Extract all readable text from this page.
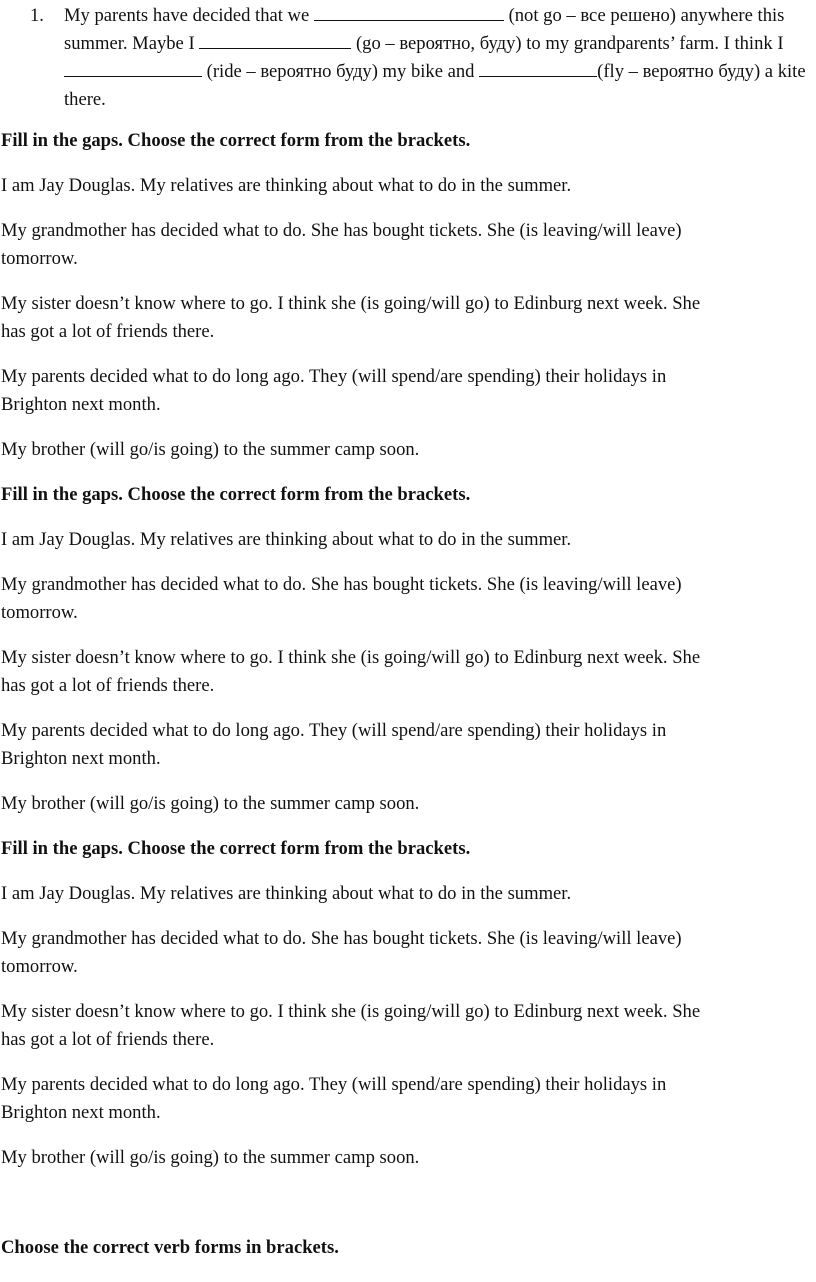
1. My parents have decided that we	(not go – все решено) anywhere this summer. Maybe I	(go – вероятно, буду) to my grandparents’ farm. I think I  (ride – вероятно буду) my bike and	(fly – вероятно буду) a kite there.
Fill in the gaps. Choose the correct form from the brackets.
I am Jay Douglas. My relatives are thinking about what to do in the summer.
My grandmother has decided what to do. She has bought tickets. She (is leaving/will leave)
tomorrow.
My sister doesn’t know where to go. I think she (is going/will go) to Edinburg next week. She
has got a lot of friends there.
My parents decided what to do long ago. They (will spend/are spending) their holidays in
Brighton next month.
My brother (will go/is going) to the summer camp soon.
Fill in the gaps. Choose the correct form from the brackets.
I am Jay Douglas. My relatives are thinking about what to do in the summer.
My grandmother has decided what to do. She has bought tickets. She (is leaving/will leave)
tomorrow.
My sister doesn’t know where to go. I think she (is going/will go) to Edinburg next week. She
has got a lot of friends there.
My parents decided what to do long ago. They (will spend/are spending) their holidays in
Brighton next month.
My brother (will go/is going) to the summer camp soon.
Fill in the gaps. Choose the correct form from the brackets.
I am Jay Douglas. My relatives are thinking about what to do in the summer.
My grandmother has decided what to do. She has bought tickets. She (is leaving/will leave)
tomorrow.
My sister doesn’t know where to go. I think she (is going/will go) to Edinburg next week. She
has got a lot of friends there.
My parents decided what to do long ago. They (will spend/are spending) their holidays in
Brighton next month.
My brother (will go/is going) to the summer camp soon.
Choose the correct verb forms in brackets.
